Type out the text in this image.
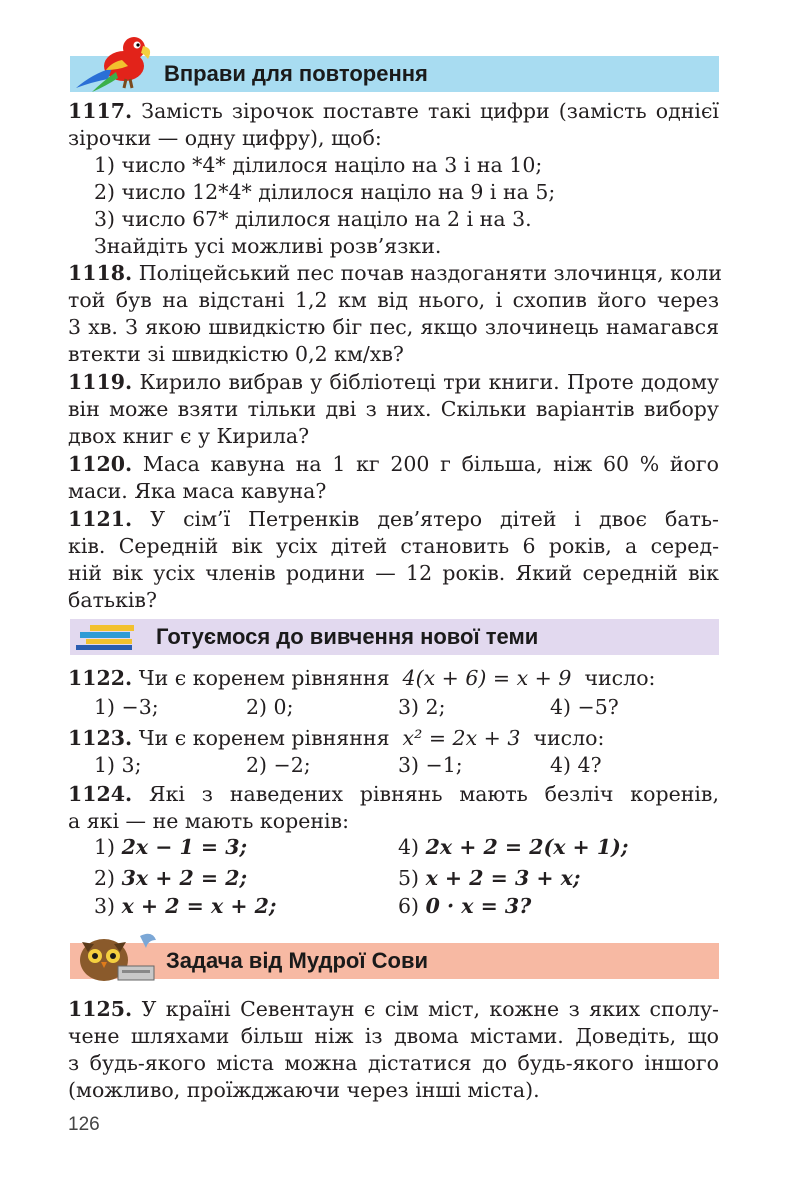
Вправи для повторення
1117. Замість зірочок поставте такі цифри (замість однієї
зірочки — одну цифру), щоб:
1) число *4* ділилося націло на 3 і на 10;
2) число 12*4* ділилося націло на 9 і на 5;
3) число 67* ділилося націло на 2 і на 3.
Знайдіть усі можливі розв’язки.
1118. Поліцейський пес почав наздоганяти злочинця, коли
той був на відстані 1,2 км від нього, і схопив його через
3 хв. З якою швидкістю біг пес, якщо злочинець намагався
втекти зі швидкістю 0,2 км/хв?
1119. Кирило вибрав у бібліотеці три книги. Проте додому
він може взяти тільки дві з них. Скільки варіантів вибору
двох книг є у Кирила?
1120. Маса кавуна на 1 кг 200 г більша, ніж 60 % його
маси. Яка маса кавуна?
1121. У сім’ї Петренків дев’ятеро дітей і двоє бать-
ків. Середній вік усіх дітей становить 6 років, а серед-
ній вік усіх членів родини — 12 років. Який середній вік
батьків?
Готуємося до вивчення нової теми
1122. Чи є коренем рівняння 4(x + 6) = x + 9 число:
1) −3;	2) 0;	3) 2;	4) −5?
1123. Чи є коренем рівняння x² = 2x + 3 число:
1) 3;	2) −2;	3) −1;	4) 4?
1124. Які з наведених рівнянь мають безліч коренів,
а які — не мають коренів:
1) 2x − 1 = 3;
2) 3x + 2 = 2;
3) x + 2 = x + 2;
4) 2x + 2 = 2(x + 1);
5) x + 2 = 3 + x;
6) 0 · x = 3?
Задача від Мудрої Сови
1125. У країні Севентаун є сім міст, кожне з яких сполу-
чене шляхами більш ніж із двома містами. Доведіть, що
з будь-якого міста можна дістатися до будь-якого іншого
(можливо, проїжджаючи через інші міста).
126
